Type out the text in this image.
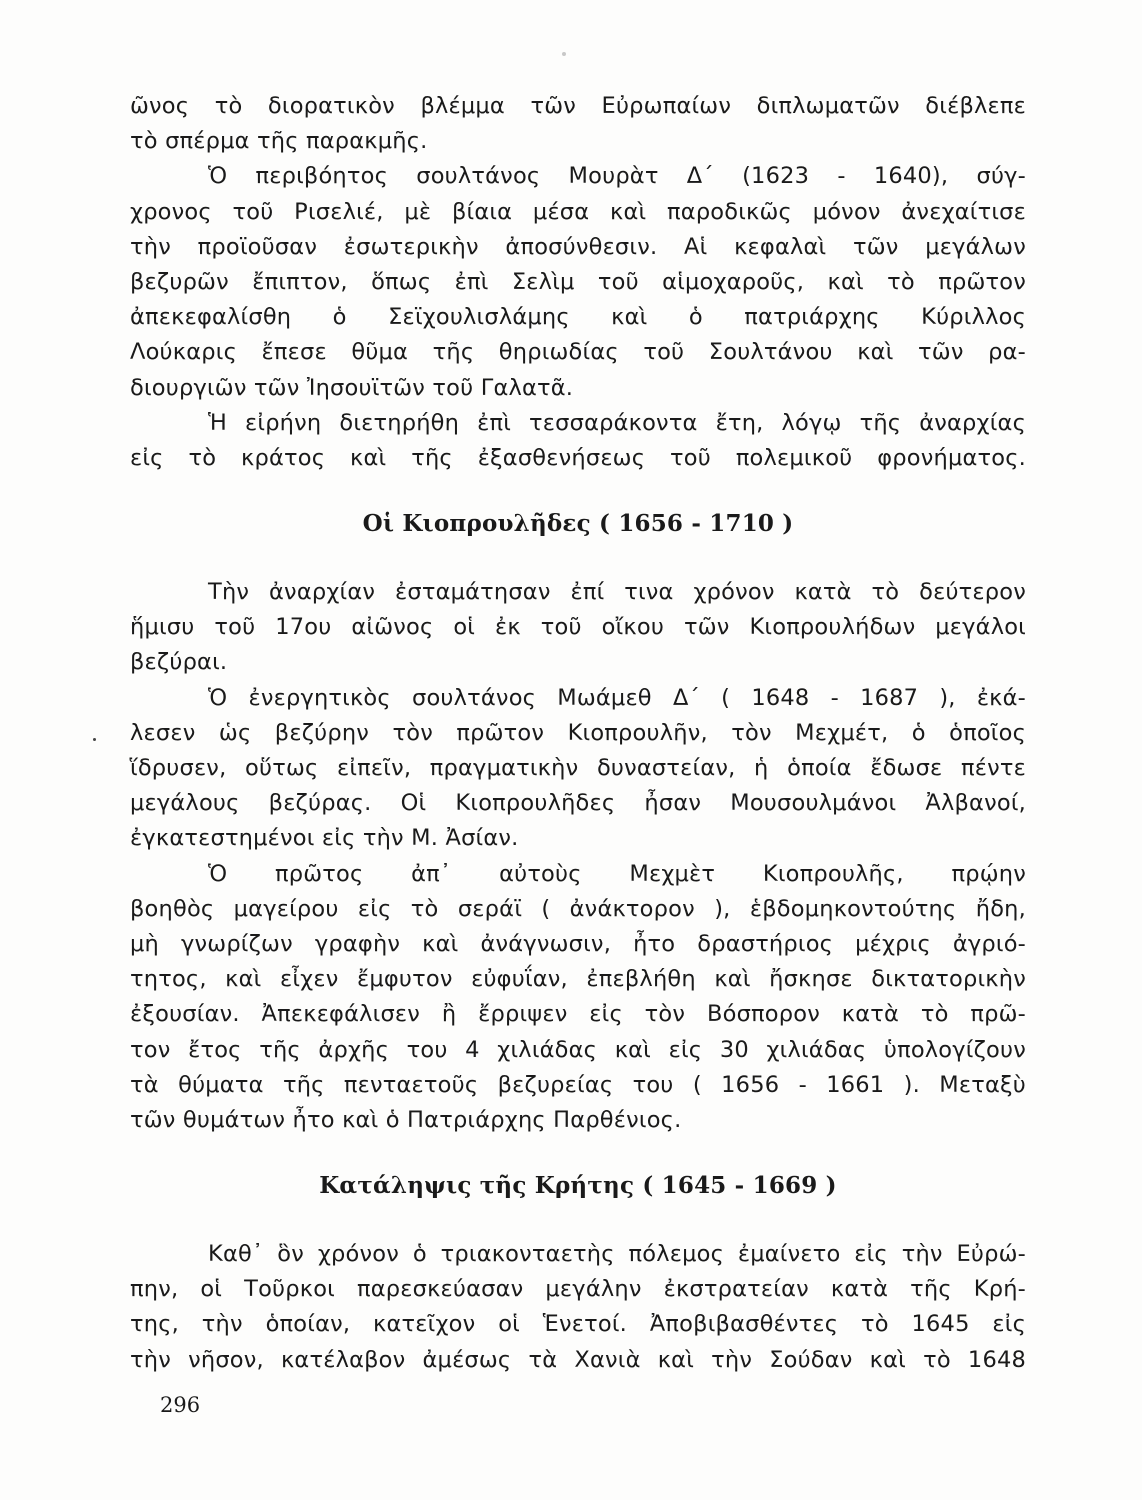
ῶνος τὸ διορατικὸν βλέμμα τῶν Εὐρωπαίων διπλωματῶν διέβλεπε
τὸ σπέρμα τῆς παρακμῆς.
Ὁ περιβόητος σουλτάνος Μουρὰτ Δ΄ (1623 - 1640), σύγ-
χρονος τοῦ Ρισελιέ, μὲ βίαια μέσα καὶ παροδικῶς μόνον ἀνεχαίτισε
τὴν προϊοῦσαν ἐσωτερικὴν ἀποσύνθεσιν. Αἱ κεφαλαὶ τῶν μεγάλων
βεζυρῶν ἔπιπτον, ὅπως ἐπὶ Σελὶμ τοῦ αἱμοχαροῦς, καὶ τὸ πρῶτον
ἀπεκεφαλίσθη ὁ Σεϊχουλισλάμης καὶ ὁ πατριάρχης Κύριλλος
Λούκαρις ἔπεσε θῦμα τῆς θηριωδίας τοῦ Σουλτάνου καὶ τῶν ρα-
διουργιῶν τῶν Ἰησουϊτῶν τοῦ Γαλατᾶ.
Ἡ εἰρήνη διετηρήθη ἐπὶ τεσσαράκοντα ἔτη, λόγῳ τῆς ἀναρχίας
εἰς τὸ κράτος καὶ τῆς ἐξασθενήσεως τοῦ πολεμικοῦ φρονήματος.
Οἱ Κιοπρουλῆδες ( 1656 - 1710 )
Τὴν ἀναρχίαν ἐσταμάτησαν ἐπί τινα χρόνον κατὰ τὸ δεύτερον
ἥμισυ τοῦ 17ου αἰῶνος οἱ ἐκ τοῦ οἴκου τῶν Κιοπρουλήδων μεγάλοι
βεζύραι.
Ὁ ἐνεργητικὸς σουλτάνος Μωάμεθ Δ΄ ( 1648 - 1687 ), ἐκά-
λεσεν ὡς βεζύρην τὸν πρῶτον Κιοπρουλῆν, τὸν Μεχμέτ, ὁ ὁποῖος
ἵδρυσεν, οὕτως εἰπεῖν, πραγματικὴν δυναστείαν, ἡ ὁποία ἔδωσε πέντε
μεγάλους βεζύρας. Οἱ Κιοπρουλῆδες ἦσαν Μουσουλμάνοι Ἀλβανοί,
ἐγκατεστημένοι εἰς τὴν Μ. Ἀσίαν.
Ὁ πρῶτος ἀπ᾿ αὐτοὺς Μεχμὲτ Κιοπρουλῆς, πρῴην
βοηθὸς μαγείρου εἰς τὸ σεράϊ ( ἀνάκτορον ), ἑβδομηκοντούτης ἤδη,
μὴ γνωρίζων γραφὴν καὶ ἀνάγνωσιν, ἦτο δραστήριος μέχρις ἀγριό-
τητος, καὶ εἶχεν ἔμφυτον εὐφυΐαν, ἐπεβλήθη καὶ ἤσκησε δικτατορικὴν
ἐξουσίαν. Ἀπεκεφάλισεν ἢ ἔρριψεν εἰς τὸν Βόσπορον κατὰ τὸ πρῶ-
τον ἔτος τῆς ἀρχῆς του 4 χιλιάδας καὶ εἰς 30 χιλιάδας ὑπολογίζουν
τὰ θύματα τῆς πενταετοῦς βεζυρείας του ( 1656 - 1661 ). Μεταξὺ
τῶν θυμάτων ἦτο καὶ ὁ Πατριάρχης Παρθένιος.
Κατάληψις τῆς Κρήτης ( 1645 - 1669 )
Καθ᾿ ὃν χρόνον ὁ τριακονταετὴς πόλεμος ἐμαίνετο εἰς τὴν Εὐρώ-
πην, οἱ Τοῦρκοι παρεσκεύασαν μεγάλην ἐκστρατείαν κατὰ τῆς Κρή-
της, τὴν ὁποίαν, κατεῖχον οἱ Ἑνετοί. Ἀποβιβασθέντες τὸ 1645 εἰς
τὴν νῆσον, κατέλαβον ἀμέσως τὰ Χανιὰ καὶ τὴν Σούδαν καὶ τὸ 1648
296
